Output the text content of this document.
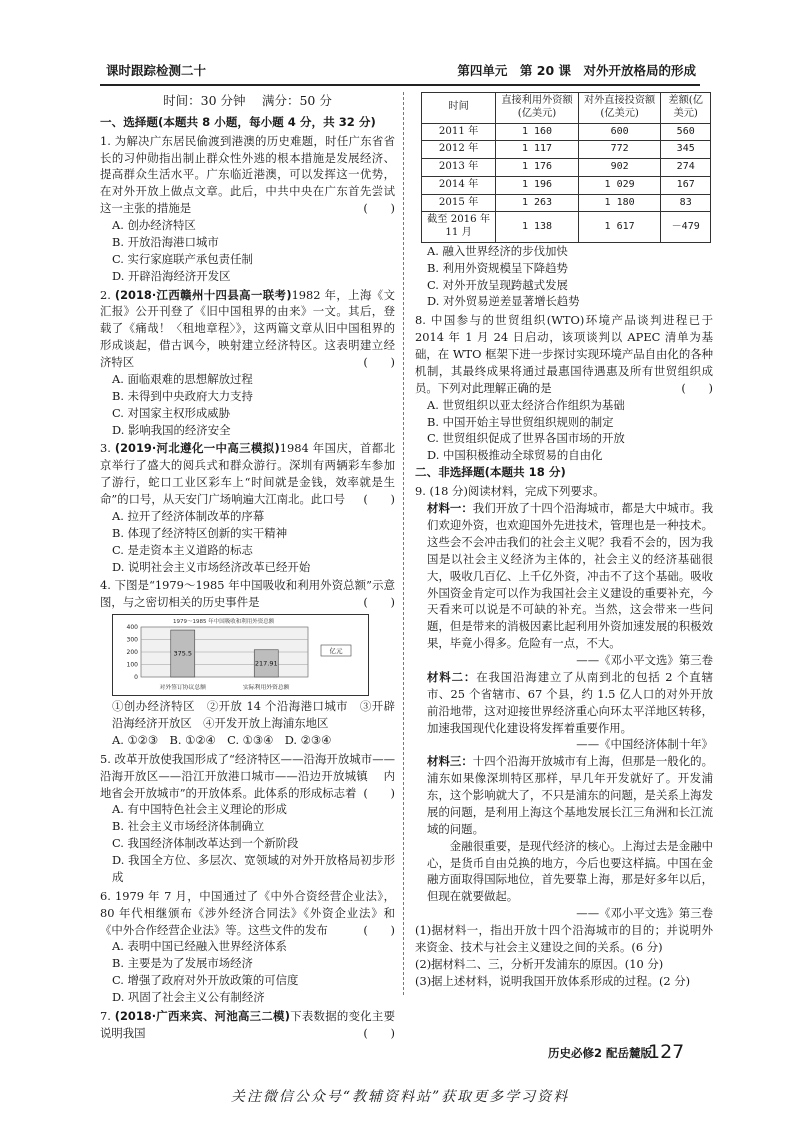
课时跟踪检测二十	第四单元　第 20 课　对外开放格局的形成
时间：30 分钟　 满分：50 分
一、选择题(本题共 8 小题，每小题 4 分，共 32 分)
1. 为解决广东居民偷渡到港澳的历史难题，时任广东省省长的习仲勋指出制止群众性外逃的根本措施是发展经济、提高群众生活水平。广东临近港澳，可以发挥这一优势，在对外开放上做点文章。此后，中共中央在广东首先尝试这一主张的措施是	(　　)
A. 创办经济特区
B. 开放沿海港口城市
C. 实行家庭联产承包责任制
D. 开辟沿海经济开发区
2. (2018·江西赣州十四县高一联考)1982 年，上海《文汇报》公开刊登了《旧中国租界的由来》一文。其后，登载了《痛哉！〈租地章程〉》，这两篇文章从旧中国租界的形成谈起，借古讽今，映射建立经济特区。这表明建立经济特区	(　　)
A. 面临艰难的思想解放过程
B. 未得到中央政府大力支持
C. 对国家主权形成威胁
D. 影响我国的经济安全
3. (2019·河北遵化一中高三模拟)1984 年国庆，首都北京举行了盛大的阅兵式和群众游行。深圳有两辆彩车参加了游行，蛇口工业区彩车上“时间就是金钱，效率就是生命”的口号，从天安门广场响遍大江南北。此口号 (　　)
A. 拉开了经济体制改革的序幕
B. 体现了经济特区创新的实干精神
C. 是走资本主义道路的标志
D. 说明社会主义市场经济改革已经开始
4. 下图是“1979～1985 年中国吸收和利用外资总额”示意图，与之密切相关的历史事件是	(　　)
1979～1985 年中国吸收和利用外资总额
400
300
200
100
0
375.5
对外签订协议总额
217.91
实际利用外资总额
亿元
①创办经济特区　②开放 14 个沿海港口城市　③开辟沿海经济开放区　④开发开放上海浦东地区
A. ①②③　B. ①②④　C. ①③④　D. ②③④
5. 改革开放使我国形成了“经济特区——沿海开放城市——沿海开放区——沿江开放港口城市——沿边开放城镇　 内地省会开放城市”的开放体系。此体系的形成标志着 (　　)
A. 有中国特色社会主义理论的形成
B. 社会主义市场经济体制确立
C. 我国经济体制改革达到一个新阶段
D. 我国全方位、多层次、宽领域的对外开放格局初步形成
6. 1979 年 7 月，中国通过了《中外合资经营企业法》，80 年代相继颁布《涉外经济合同法》《外资企业法》和《中外合作经营企业法》等。这些文件的发布	(　　)
A. 表明中国已经融入世界经济体系
B. 主要是为了发展市场经济
C. 增强了政府对外开放政策的可信度
D. 巩固了社会主义公有制经济
7. (2018·广西来宾、河池高三二模)下表数据的变化主要说明我国	(　　)
时间	直接利用外资额(亿美元)	对外直接投资额(亿美元)	差额(亿美元)
2011 年	1 160	600	560
2012 年	1 117	772	345
2013 年	1 176	902	274
2014 年	1 196	1 029	167
2015 年	1 263	1 180	83
截至 2016 年 11 月	1 138	1 617	－479
A. 融入世界经济的步伐加快
B. 利用外资规模呈下降趋势
C. 对外开放呈现跨越式发展
D. 对外贸易逆差显著增长趋势
8. 中国参与的世贸组织(WTO)环境产品谈判进程已于 2014 年 1 月 24 日启动，该项谈判以 APEC 清单为基础，在 WTO 框架下进一步探讨实现环境产品自由化的各种机制，其最终成果将通过最惠国待遇惠及所有世贸组织成员。下列对此理解正确的是	(　　)
A. 世贸组织以亚太经济合作组织为基础
B. 中国开始主导世贸组织规则的制定
C. 世贸组织促成了世界各国市场的开放
D. 中国积极推动全球贸易的自由化
二、非选择题(本题共 18 分)
9. (18 分)阅读材料，完成下列要求。
材料一：我们开放了十四个沿海城市，都是大中城市。我们欢迎外资，也欢迎国外先进技术，管理也是一种技术。这些会不会冲击我们的社会主义呢？我看不会的，因为我国是以社会主义经济为主体的，社会主义的经济基础很大，吸收几百亿、上千亿外资，冲击不了这个基础。吸收外国资金肯定可以作为我国社会主义建设的重要补充，今天看来可以说是不可缺的补充。当然，这会带来一些问题，但是带来的消极因素比起利用外资加速发展的积极效果，毕竟小得多。危险有一点，不大。
——《邓小平文选》第三卷
材料二：在我国沿海建立了从南到北的包括 2 个直辖市、25 个省辖市、67 个县，约 1.5 亿人口的对外开放前沿地带，这对迎接世界经济重心向环太平洋地区转移，加速我国现代化建设将发挥着重要作用。
——《中国经济体制十年》
材料三：十四个沿海开放城市有上海，但那是一般化的。浦东如果像深圳特区那样，早几年开发就好了。开发浦东，这个影响就大了，不只是浦东的问题，是关系上海发展的问题，是利用上海这个基地发展长江三角洲和长江流域的问题。
金融很重要，是现代经济的核心。上海过去是金融中心，是货币自由兑换的地方，今后也要这样搞。中国在金融方面取得国际地位，首先要靠上海，那是好多年以后，但现在就要做起。
——《邓小平文选》第三卷
(1)据材料一，指出开放十四个沿海城市的目的；并说明外来资金、技术与社会主义建设之间的关系。(6 分)
(2)据材料二、三，分析开发浦东的原因。(10 分)
(3)据上述材料，说明我国开放体系形成的过程。(2 分)
历史必修2 配岳麓版
127
关注微信公众号“教辅资料站”获取更多学习资料
